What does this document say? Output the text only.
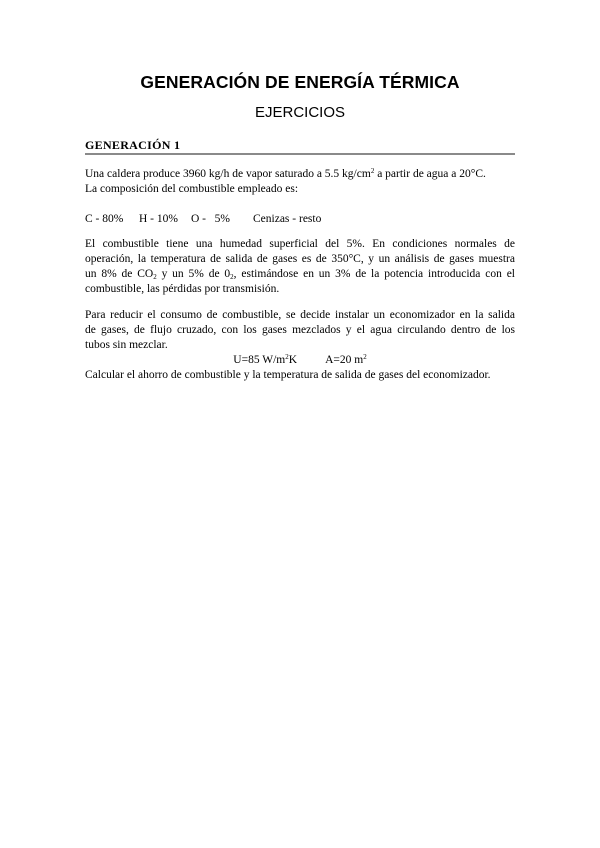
GENERACIÓN DE ENERGÍA TÉRMICA
EJERCICIOS
GENERACIÓN 1
Una caldera produce 3960 kg/h de vapor saturado a 5.5 $kg/cm^2$ a partir de agua a 20°C.
La composición del combustible empleado es:
C - 80% H - 10% O -   5% Cenizas - resto
El combustible tiene una humedad superficial del 5%. En condiciones normales de
operación, la temperatura de salida de gases es de 350°C, y un análisis de gases muestra
un 8% de $CO_2$ y un 5% de $0_2$, estimándose en un 3% de la potencia introducida con el
combustible, las pérdidas por transmisión.
Para reducir el consumo de combustible, se decide instalar un economizador en la salida
de gases, de flujo cruzado, con los gases mezclados y el agua circulando dentro de los
tubos sin mezclar.
U=85 $W/m^2K$ A=20 $m^2$
Calcular el ahorro de combustible y la temperatura de salida de gases del economizador.
